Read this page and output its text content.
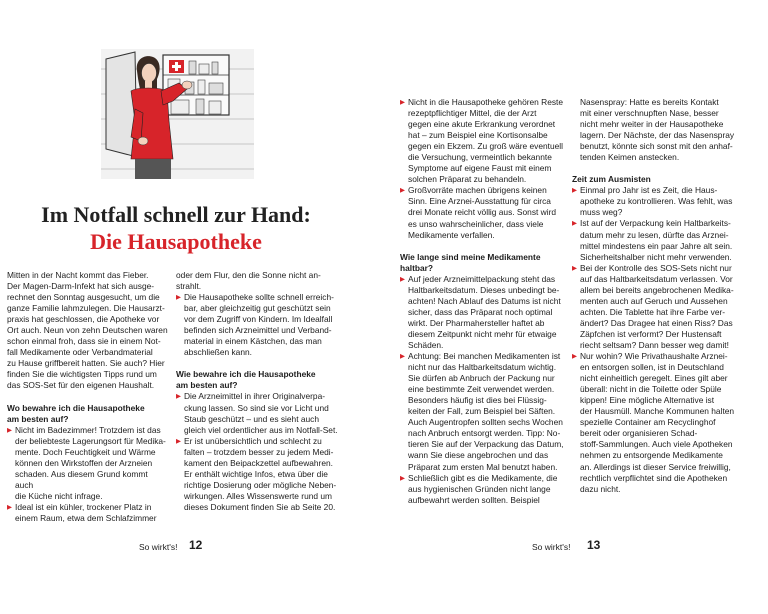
Im Notfall schnell zur Hand:
Die Hausapotheke

Mitten in der Nacht kommt das Fieber.

Der Magen-Darm-Infekt hat sich ausge-

rechnet den Sonntag ausgesucht, um die

ganze Familie lahmzulegen. Die Hausarzt-

praxis hat geschlossen, die Apotheke vor

Ort auch. Neun von zehn Deutschen waren

schon einmal froh, dass sie in einem Not-

fall Medikamente oder Verbandmaterial

zu Hause griffbereit hatten. Sie auch? Hier

finden Sie die wichtigsten Tipps rund um

das SOS-Set für den eigenen Haushalt.

Wo bewahre ich die Hausapotheke

am besten auf?

▶ Nicht im Badezimmer! Trotzdem ist das

der beliebteste Lagerungsort für Medika-

mente. Doch Feuchtigkeit und Wärme

können den Wirkstoffen der Arzneien

schaden. Aus diesem Grund kommt auch

die Küche nicht infrage.

▶ Ideal ist ein kühler, trockener Platz in

einem Raum, etwa dem Schlafzimmer

oder dem Flur, den die Sonne nicht an-

strahlt.

▶ Die Hausapotheke sollte schnell erreich-

bar, aber gleichzeitig gut geschützt sein

vor dem Zugriff von Kindern. Im Idealfall

befinden sich Arzneimittel und Verband-

material in einem Kästchen, das man

abschließen kann.

Wie bewahre ich die Hausapotheke

am besten auf?

▶ Die Arzneimittel in ihrer Originalverpa-

ckung lassen. So sind sie vor Licht und

Staub geschützt – und es sieht auch

gleich viel ordentlicher aus im Notfall-Set.

▶ Er ist unübersichtlich und schlecht zu

falten – trotzdem besser zu jedem Medi-

kament den Beipackzettel aufbewahren.

Er enthält wichtige Infos, etwa über die

richtige Dosierung oder mögliche Neben-

wirkungen. Alles Wissenswerte rund um

dieses Dokument finden Sie ab Seite 20.

▶ Nicht in die Hausapotheke gehören Reste

rezeptpflichtiger Mittel, die der Arzt

gegen eine akute Erkrankung verordnet

hat – zum Beispiel eine Kortisonsalbe

gegen ein Ekzem. Zu groß wäre eventuell

die Versuchung, vermeintlich bekannte

Symptome auf eigene Faust mit einem

solchen Präparat zu behandeln.

▶ Großvorräte machen übrigens keinen

Sinn. Eine Arznei-Ausstattung für circa

drei Monate reicht völlig aus. Sonst wird

es unso wahrscheinlicher, dass viele

Medikamente verfallen.

Wie lange sind meine Medikamente

haltbar?

▶ Auf jeder Arzneimittelpackung steht das

Haltbarkeitsdatum. Dieses unbedingt be-

achten! Nach Ablauf des Datums ist nicht

sicher, dass das Präparat noch optimal

wirkt. Der Pharmahersteller haftet ab

diesem Zeitpunkt nicht mehr für etwaige

Schäden.

▶ Achtung: Bei manchen Medikamenten ist

nicht nur das Haltbarkeitsdatum wichtig.

Sie dürfen ab Anbruch der Packung nur

eine bestimmte Zeit verwendet werden.

Besonders häufig ist dies bei Flüssig-

keiten der Fall, zum Beispiel bei Säften.

Auch Augentropfen sollten sechs Wochen

nach Anbruch entsorgt werden. Tipp: No-

tieren Sie auf der Verpackung das Datum,

wann Sie diese angebrochen und das

Präparat zum ersten Mal benutzt haben.

▶ Schließlich gibt es die Medikamente, die

aus hygienischen Gründen nicht lange

aufbewahrt werden sollten. Beispiel

Nasenspray: Hatte es bereits Kontakt

mit einer verschnupften Nase, besser

nicht mehr weiter in der Hausapotheke

lagern. Der Nächste, der das Nasenspray

benutzt, könnte sich sonst mit den anhaf-

tenden Keimen anstecken.

Zeit zum Ausmisten

▶ Einmal pro Jahr ist es Zeit, die Haus-

apotheke zu kontrollieren. Was fehlt, was

muss weg?

▶ Ist auf der Verpackung kein Haltbarkeits-

datum mehr zu lesen, dürfte das Arznei-

mittel mindestens ein paar Jahre alt sein.

Sicherheitshalber nicht mehr verwenden.

▶ Bei der Kontrolle des SOS-Sets nicht nur

auf das Haltbarkeitsdatum verlassen. Vor

allem bei bereits angebrochenen Medika-

menten auch auf Geruch und Aussehen

achten. Die Tablette hat ihre Farbe ver-

ändert? Das Dragee hat einen Riss? Das

Zäpfchen ist verformt? Der Hustensaft

riecht seltsam? Dann besser weg damit!

▶ Nur wohin? Wie Privathaushalte Arznei-

en entsorgen sollen, ist in Deutschland

nicht einheitlich geregelt. Eines gilt aber

überall: nicht in die Toilette oder Spüle

kippen! Eine mögliche Alternative ist

der Hausmüll. Manche Kommunen halten

spezielle Container am Recyclinghof

bereit oder organisieren Schad-

stoff-Sammlungen. Auch viele Apotheken

nehmen zu entsorgende Medikamente

an. Allerdings ist dieser Service freiwillig,

rechtlich verpflichtet sind die Apotheken

dazu nicht.

So wirkt's! 12	So wirkt's! 13
